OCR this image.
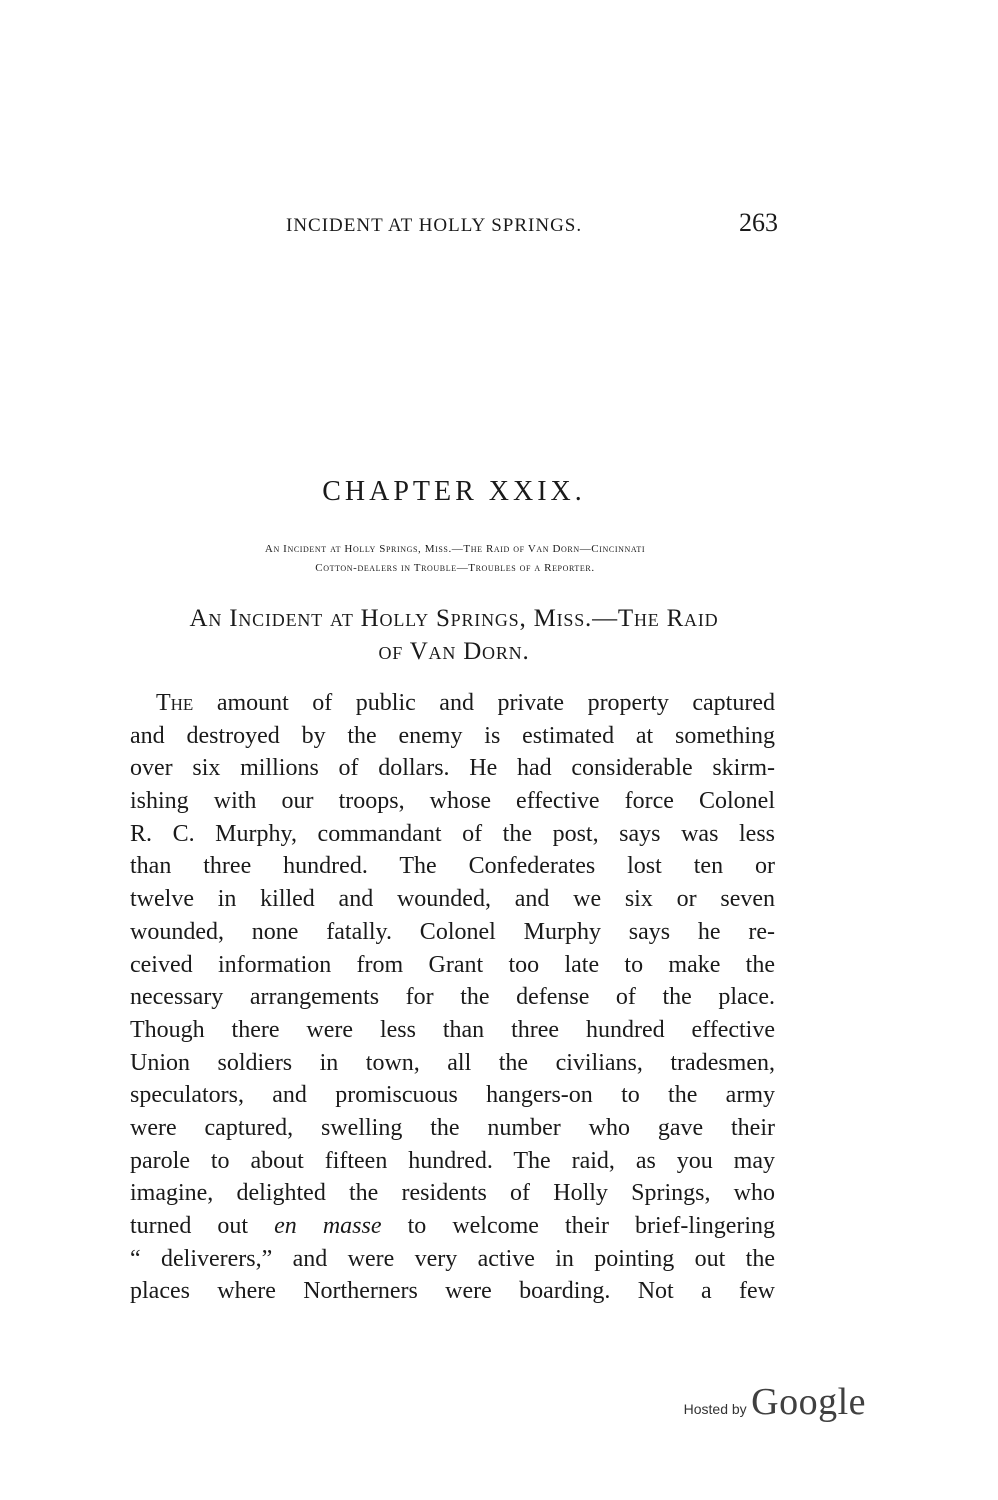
INCIDENT AT HOLLY SPRINGS.	263
CHAPTER XXIX.
An Incident at Holly Springs, Miss.—The Raid of Van Dorn—Cincinnati
Cotton-dealers in Trouble—Troubles of a Reporter.
An Incident at Holly Springs, Miss.—The Raid
of Van Dorn.
The amount of public and private property captured
and destroyed by the enemy is estimated at something
over six millions of dollars. He had considerable skirm-
ishing with our troops, whose effective force Colonel
R. C. Murphy, commandant of the post, says was less
than three hundred. The Confederates lost ten or
twelve in killed and wounded, and we six or seven
wounded, none fatally. Colonel Murphy says he re-
ceived information from Grant too late to make the
necessary arrangements for the defense of the place.
Though there were less than three hundred effective
Union soldiers in town, all the civilians, tradesmen,
speculators, and promiscuous hangers-on to the army
were captured, swelling the number who gave their
parole to about fifteen hundred. The raid, as you may
imagine, delighted the residents of Holly Springs, who
turned out en masse to welcome their brief-lingering
“ deliverers,” and were very active in pointing out the
places where Northerners were boarding. Not a few
Hosted by Google
